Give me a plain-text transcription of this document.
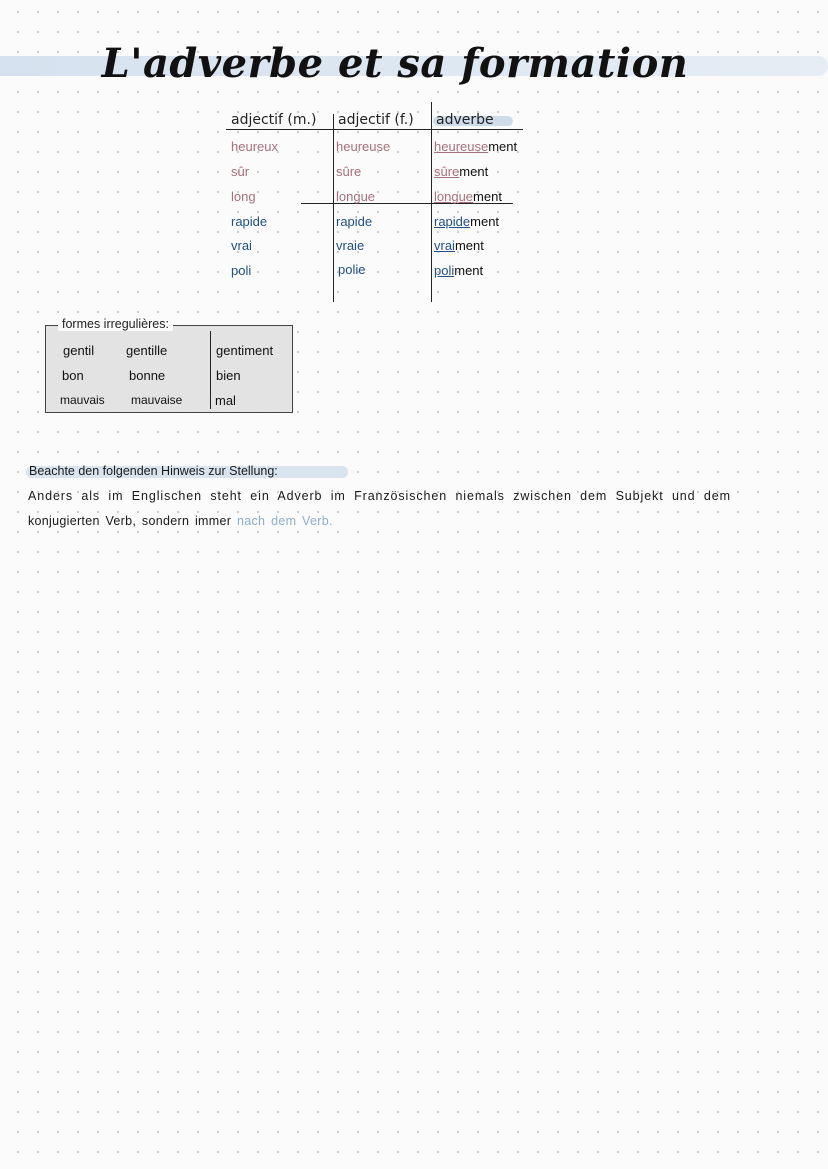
L'adverbe et sa formation
adjectif (m.) adjectif (f.) adverbe
heureux	heureuse	heureusement
sûr	sûre	sûrement
long	longue	longuement
rapide	rapide	rapidement
vrai	vraie	vraiment
poli	polie	poliment
formes irregulières:
gentil gentille	gentiment
bon	bonne	bien
mauvais mauvaise	mal
Beachte den folgenden Hinweis zur Stellung:
Anders als im Englischen steht ein Adverb im Französischen niemals zwischen dem Subjekt und dem
konjugierten Verb, sondern immer nach dem Verb.
